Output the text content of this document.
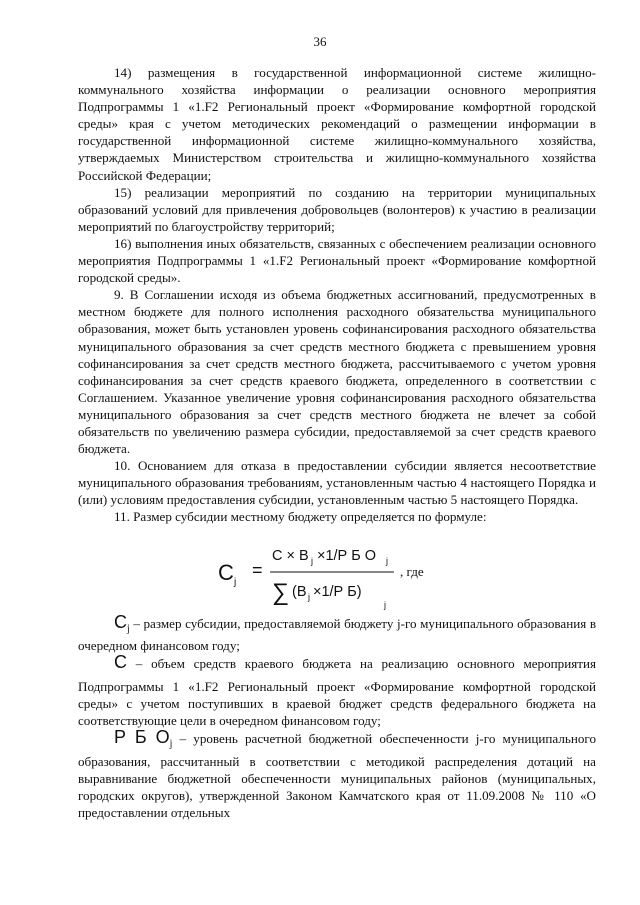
36

14) размещения в государственной информационной системе жилищно-коммунального хозяйства информации о реализации основного мероприятия Подпрограммы 1 «1.F2 Региональный проект «Формирование комфортной городской среды» края с учетом методических рекомендаций о размещении информации в государственной информационной системе жилищно-коммунального хозяйства, утверждаемых Министерством строительства и жилищно-коммунального хозяйства Российской Федерации;

15) реализации мероприятий по созданию на территории муниципальных образований условий для привлечения добровольцев (волонтеров) к участию в реализации мероприятий по благоустройству территорий;

16) выполнения иных обязательств, связанных с обеспечением реализации основного мероприятия Подпрограммы 1 «1.F2 Региональный проект «Формирование комфортной городской среды».

9. В Соглашении исходя из объема бюджетных ассигнований, предусмотренных в местном бюджете для полного исполнения расходного обязательства муниципального образования, может быть установлен уровень софинансирования расходного обязательства муниципального образования за счет средств местного бюджета с превышением уровня софинансирования за счет средств местного бюджета, рассчитываемого с учетом уровня софинансирования за счет средств краевого бюджета, определенного в соответствии с Соглашением. Указанное увеличение уровня софинансирования расходного обязательства муниципального образования за счет средств местного бюджета не влечет за собой обязательств по увеличению размера субсидии, предоставляемой за счет средств краевого бюджета.

10. Основанием для отказа в предоставлении субсидии является несоответствие муниципального образования требованиям, установленным частью 4 настоящего Порядка и (или) условиям предоставления субсидии, установленным частью 5 настоящего Порядка.

11. Размер субсидии местному бюджету определяется по формуле:

C j
=
C × B j ×1/Р Б О j
∑ (B j ×1/Р Б)
j
, где

$C_j$ – размер субсидии, предоставляемой бюджету j-го муниципального образования в очередном финансовом году;

C – объем средств краевого бюджета на реализацию основного мероприятия Подпрограммы 1 «1.F2 Региональный проект «Формирование комфортной городской среды» с учетом поступивших в краевой бюджет средств федерального бюджета на соответствующие цели в очередном финансовом году;

Р Б $О_j$ – уровень расчетной бюджетной обеспеченности j-го муниципального образования, рассчитанный в соответствии с методикой распределения дотаций на выравнивание бюджетной обеспеченности муниципальных районов (муниципальных, городских округов), утвержденной Законом Камчатского края от 11.09.2008 № 110 «О предоставлении отдельных
